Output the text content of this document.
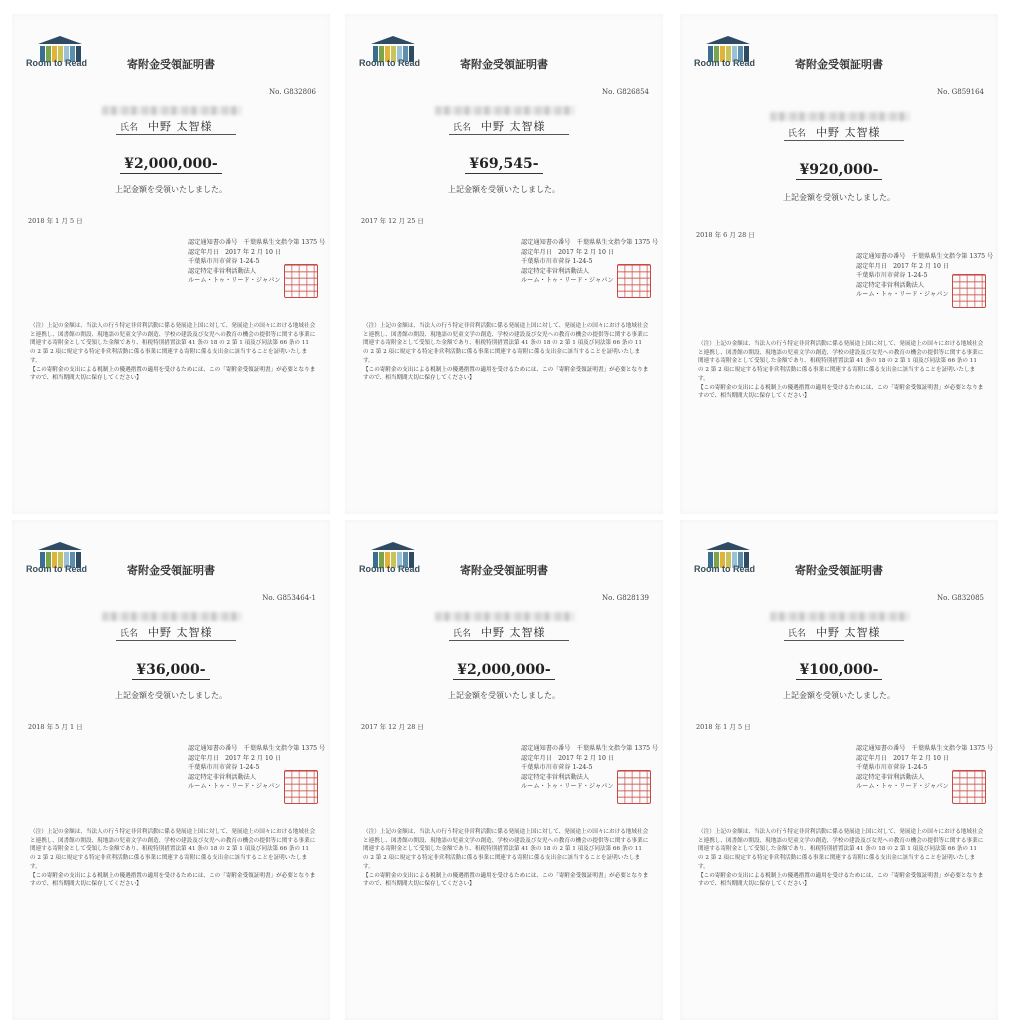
Room to Read	寄附金受領証明書
No. G832806
氏名 中野 太智様
¥2,000,000-
上記金額を受領いたしました。
2018 年 1 月 5 日
認定通知書の番号　千葉県県生文指令第 1375 号
認定年月日　2017 年 2 月 10 日
千葉県市川市菅谷 1-24-5
認定特定非営利活動法人
ルーム・トゥ・リード・ジャパン

（注）上記の金額は、当法人の行う特定非営利活動に係る発展途上国に対して、発展途上の国々における地域社会と連携し、図書館の開設、現地語の児童文学の創造、学校の建設及び女児への教育の機会の提供等に関する事業に関連する寄附金として受領した金額であり、租税特別措置法第 41 条の 18 の 2 第 1 項及び同法第 66 条の 11 の 2 第 2 項に規定する特定非営利活動に係る事業に関連する寄附に係る支出金に該当することを証明いたします。

【この寄附金の支出による税制上の優遇措置の適用を受けるためには、この「寄附金受領証明書」が必要となりますので、相当期間大切に保存してください】

Room to Read	寄附金受領証明書
No. G826854
氏名 中野 太智様
¥69,545-
上記金額を受領いたしました。
2017 年 12 月 25 日
認定通知書の番号　千葉県県生文指令第 1375 号
認定年月日　2017 年 2 月 10 日
千葉県市川市菅谷 1-24-5
認定特定非営利活動法人
ルーム・トゥ・リード・ジャパン

（注）上記の金額は、当法人の行う特定非営利活動に係る発展途上国に対して、発展途上の国々における地域社会と連携し、図書館の開設、現地語の児童文学の創造、学校の建設及び女児への教育の機会の提供等に関する事業に関連する寄附金として受領した金額であり、租税特別措置法第 41 条の 18 の 2 第 1 項及び同法第 66 条の 11 の 2 第 2 項に規定する特定非営利活動に係る事業に関連する寄附に係る支出金に該当することを証明いたします。

【この寄附金の支出による税制上の優遇措置の適用を受けるためには、この「寄附金受領証明書」が必要となりますので、相当期間大切に保存してください】

Room to Read	寄附金受領証明書
No. G859164
氏名 中野 太智様
¥920,000-
上記金額を受領いたしました。
2018 年 6 月 28 日
認定通知書の番号　千葉県県生文指令第 1375 号
認定年月日　2017 年 2 月 10 日
千葉県市川市菅谷 1-24-5
認定特定非営利活動法人
ルーム・トゥ・リード・ジャパン

（注）上記の金額は、当法人の行う特定非営利活動に係る発展途上国に対して、発展途上の国々における地域社会と連携し、図書館の開設、現地語の児童文学の創造、学校の建設及び女児への教育の機会の提供等に関する事業に関連する寄附金として受領した金額であり、租税特別措置法第 41 条の 18 の 2 第 1 項及び同法第 66 条の 11 の 2 第 2 項に規定する特定非営利活動に係る事業に関連する寄附に係る支出金に該当することを証明いたします。

【この寄附金の支出による税制上の優遇措置の適用を受けるためには、この「寄附金受領証明書」が必要となりますので、相当期間大切に保存してください】

Room to Read	寄附金受領証明書
No. G853464-1
氏名 中野 太智様
¥36,000-
上記金額を受領いたしました。
2018 年 5 月 1 日
認定通知書の番号　千葉県県生文指令第 1375 号
認定年月日　2017 年 2 月 10 日
千葉県市川市菅谷 1-24-5
認定特定非営利活動法人
ルーム・トゥ・リード・ジャパン

（注）上記の金額は、当法人の行う特定非営利活動に係る発展途上国に対して、発展途上の国々における地域社会と連携し、図書館の開設、現地語の児童文学の創造、学校の建設及び女児への教育の機会の提供等に関する事業に関連する寄附金として受領した金額であり、租税特別措置法第 41 条の 18 の 2 第 1 項及び同法第 66 条の 11 の 2 第 2 項に規定する特定非営利活動に係る事業に関連する寄附に係る支出金に該当することを証明いたします。

【この寄附金の支出による税制上の優遇措置の適用を受けるためには、この「寄附金受領証明書」が必要となりますので、相当期間大切に保存してください】

Room to Read	寄附金受領証明書
No. G828139
氏名 中野 太智様
¥2,000,000-
上記金額を受領いたしました。
2017 年 12 月 28 日
認定通知書の番号　千葉県県生文指令第 1375 号
認定年月日　2017 年 2 月 10 日
千葉県市川市菅谷 1-24-5
認定特定非営利活動法人
ルーム・トゥ・リード・ジャパン

（注）上記の金額は、当法人の行う特定非営利活動に係る発展途上国に対して、発展途上の国々における地域社会と連携し、図書館の開設、現地語の児童文学の創造、学校の建設及び女児への教育の機会の提供等に関する事業に関連する寄附金として受領した金額であり、租税特別措置法第 41 条の 18 の 2 第 1 項及び同法第 66 条の 11 の 2 第 2 項に規定する特定非営利活動に係る事業に関連する寄附に係る支出金に該当することを証明いたします。

【この寄附金の支出による税制上の優遇措置の適用を受けるためには、この「寄附金受領証明書」が必要となりますので、相当期間大切に保存してください】

Room to Read	寄附金受領証明書
No. G832085
氏名 中野 太智様
¥100,000-
上記金額を受領いたしました。
2018 年 1 月 5 日
認定通知書の番号　千葉県県生文指令第 1375 号
認定年月日　2017 年 2 月 10 日
千葉県市川市菅谷 1-24-5
認定特定非営利活動法人
ルーム・トゥ・リード・ジャパン

（注）上記の金額は、当法人の行う特定非営利活動に係る発展途上国に対して、発展途上の国々における地域社会と連携し、図書館の開設、現地語の児童文学の創造、学校の建設及び女児への教育の機会の提供等に関する事業に関連する寄附金として受領した金額であり、租税特別措置法第 41 条の 18 の 2 第 1 項及び同法第 66 条の 11 の 2 第 2 項に規定する特定非営利活動に係る事業に関連する寄附に係る支出金に該当することを証明いたします。

【この寄附金の支出による税制上の優遇措置の適用を受けるためには、この「寄附金受領証明書」が必要となりますので、相当期間大切に保存してください】
